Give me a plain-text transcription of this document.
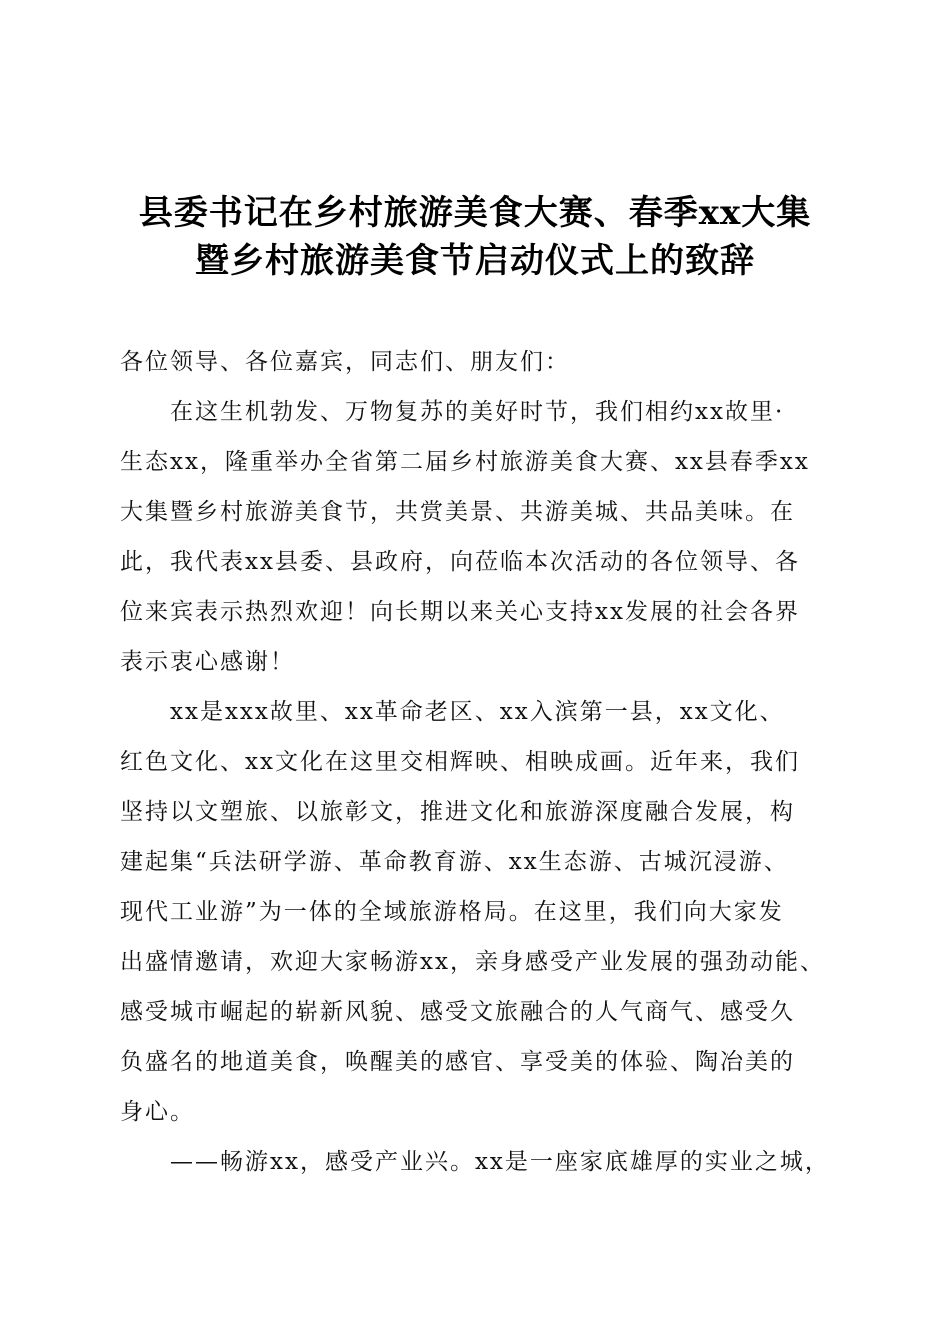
县委书记在乡村旅游美食大赛、春季xx大集
暨乡村旅游美食节启动仪式上的致辞
各位领导、各位嘉宾，同志们、朋友们：
　　在这生机勃发、万物复苏的美好时节，我们相约xx故里·
生态xx，隆重举办全省第二届乡村旅游美食大赛、xx县春季xx
大集暨乡村旅游美食节，共赏美景、共游美城、共品美味。在
此，我代表xx县委、县政府，向莅临本次活动的各位领导、各
位来宾表示热烈欢迎！向长期以来关心支持xx发展的社会各界
表示衷心感谢！
　　xx是xxx故里、xx革命老区、xx入滨第一县，xx文化、
红色文化、xx文化在这里交相辉映、相映成画。近年来，我们
坚持以文塑旅、以旅彰文，推进文化和旅游深度融合发展，构
建起集“兵法研学游、革命教育游、xx生态游、古城沉浸游、
现代工业游”为一体的全域旅游格局。在这里，我们向大家发
出盛情邀请，欢迎大家畅游xx，亲身感受产业发展的强劲动能、
感受城市崛起的崭新风貌、感受文旅融合的人气商气、感受久
负盛名的地道美食，唤醒美的感官、享受美的体验、陶冶美的
身心。
　　——畅游xx，感受产业兴。xx是一座家底雄厚的实业之城，
